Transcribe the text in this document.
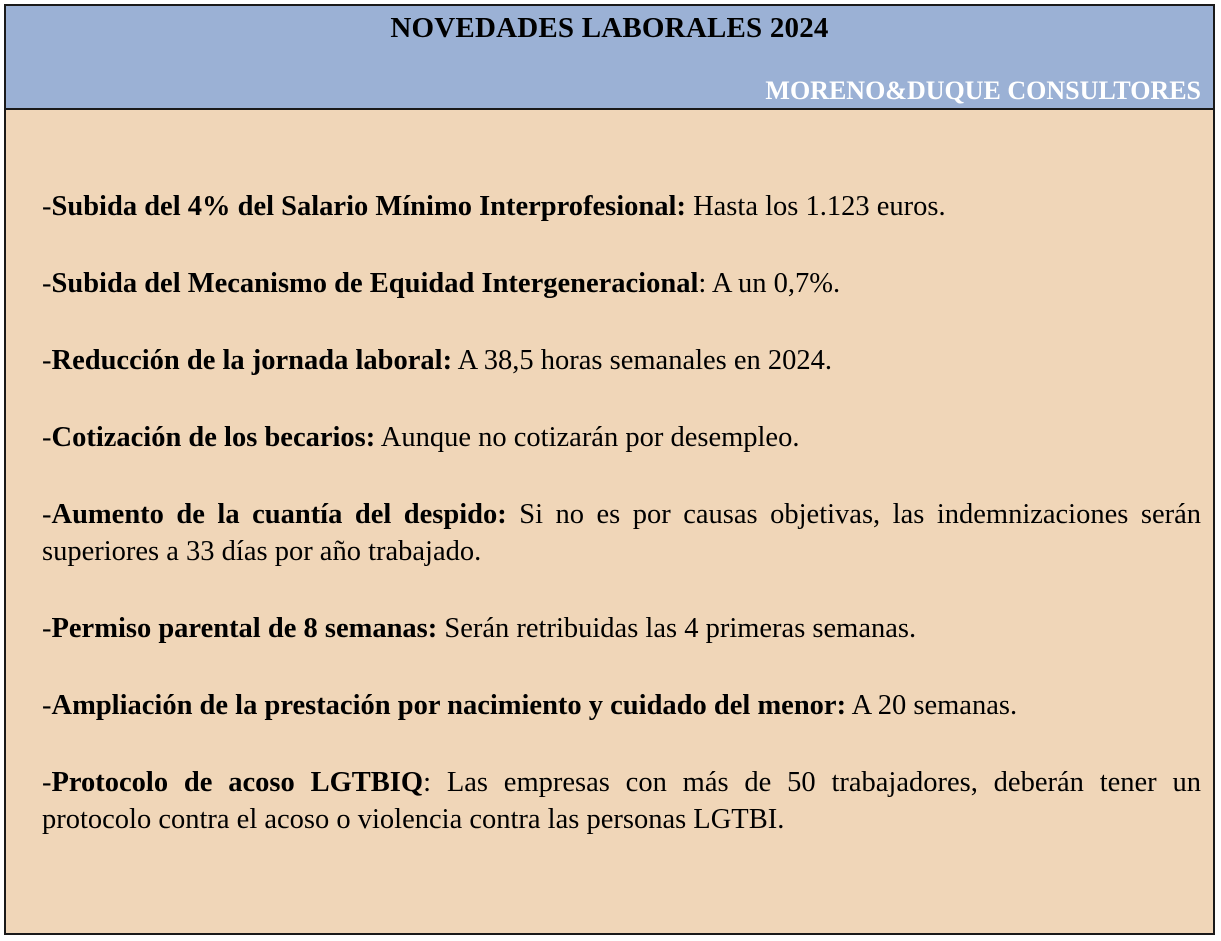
NOVEDADES LABORALES 2024
MORENO&DUQUE CONSULTORES

-Subida del 4% del Salario Mínimo Interprofesional: Hasta los 1.123 euros.

-Subida del Mecanismo de Equidad Intergeneracional: A un 0,7%.

-Reducción de la jornada laboral: A 38,5 horas semanales en 2024.

-Cotización de los becarios: Aunque no cotizarán por desempleo.

-Aumento de la cuantía del despido: Si no es por causas objetivas, las indemnizaciones serán superiores a 33 días por año trabajado.

-Permiso parental de 8 semanas: Serán retribuidas las 4 primeras semanas.

-Ampliación de la prestación por nacimiento y cuidado del menor: A 20 semanas.

-Protocolo de acoso LGTBIQ: Las empresas con más de 50 trabajadores, deberán tener un protocolo contra el acoso o violencia contra las personas LGTBI.
